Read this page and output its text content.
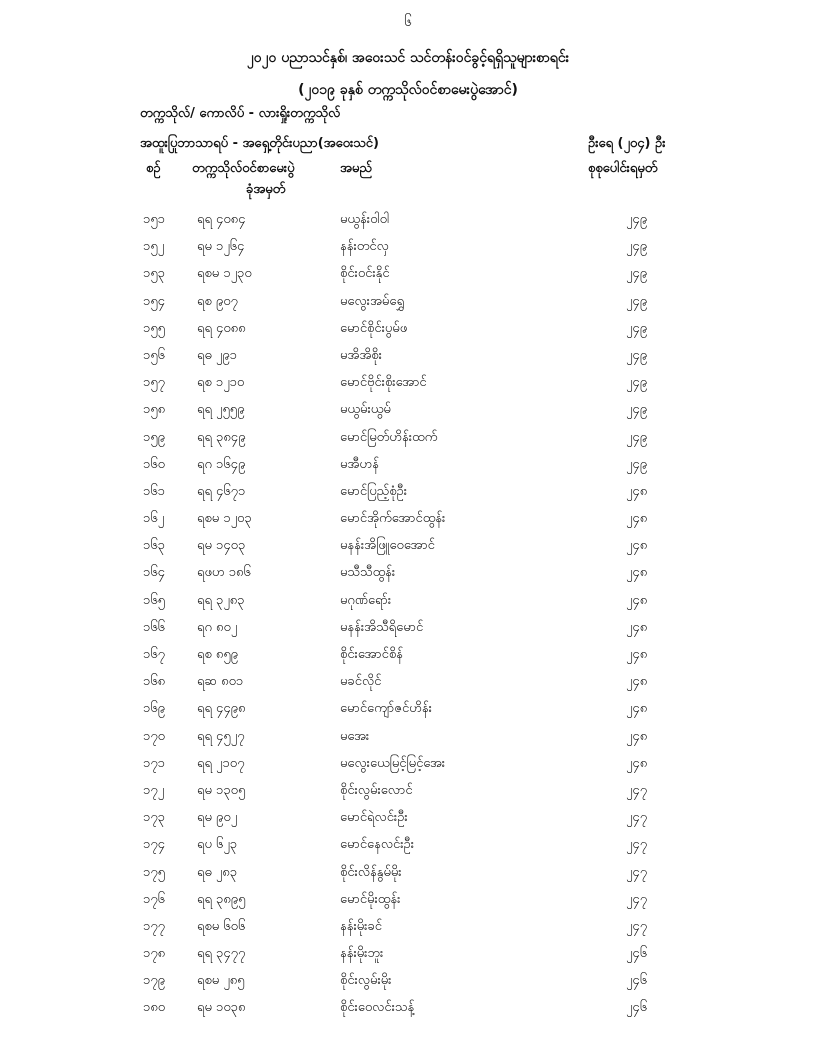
၆
၂၀၂၀ ပညာသင်နှစ်၊ အဝေးသင် သင်တန်းဝင်ခွင့်ရရှိသူများစာရင်း
(၂၀၁၉ ခုနှစ် တက္ကသိုလ်ဝင်စာမေးပွဲအောင်)
တက္ကသိုလ်/ ကောလိပ် - လားရှိုးတက္ကသိုလ်
အထူးပြုဘာသာရပ် - အရှေ့တိုင်းပညာ(အဝေးသင်)	ဦးရေ (၂၀၄) ဦး
စဉ် တက္ကသိုလ်ဝင်စာမေးပွဲ
ခုံအမှတ်
အမည်	စုစုပေါင်းရမှတ်
၁၅၁ ရရ ၄၀၈၄	မယွန်းဝါဝါ	၂၄၉
၁၅၂	ရမ ၁၂၆၄	နန်းတင်လှ	၂၄၉
၁၅၃ ရစမ ၁၂၃၀	စိုင်းဝင်းနိုင်	၂၄၉
၁၅၄ ရစ ၉၀၇	မလွေးအမ်ရွှေ	၂၄၉
၁၅၅ ရရ ၄၀၈၈	မောင်စိုင်းပွမ်ဖ	၂၄၉
၁၅၆ ရဓ ၂၉၁	မအိအိစိုး	၂၄၉
၁၅၇ ရစ ၁၂၁၀	မောင်ဗိုင်းစိုးအောင်	၂၄၉
၁၅၈ ရရ ၂၅၅၉	မယွမ်းယွမ်	၂၄၉
၁၅၉ ရရ ၃၈၄၉	မောင်မြတ်ဟိန်းထက်	၂၄၉
၁၆၀ ရဂ ၁၆၄၉	မအီဟန်	၂၄၉
၁၆၁ ရရ ၄၆၇၁	မောင်ပြည့်စုံဦး	၂၄၈
၁၆၂	ရစမ ၁၂၀၃	မောင်အိုက်အောင်ထွန်း	၂၄၈
၁၆၃ ရမ ၁၄၀၃	မနန်းအိဖြူဝေအောင်	၂၄၈
၁၆၄ ရဖဟ ၁၈၆	မသီသီထွန်း	၂၄၈
၁၆၅ ရရ ၃၂၈၃	မဂုဏ်ရော်း	၂၄၈
၁၆၆ ရဂ ၈၀၂	မနန်းအိသီရိမောင်	၂၄၈
၁၆၇ ရစ ၈၅၉	စိုင်းအောင်စိန်	၂၄၈
၁၆၈ ရဆ ၈၀၁	မခင်လိုင်	၂၄၈
၁၆၉ ရရ ၄၄၉၈	မောင်ကျော်ဇင်ဟိန်း	၂၄၈
၁၇၀ ရရ ၄၅၂၇	မအေး	၂၄၈
၁၇၁ ရရ ၂၁၀၇	မလွေးယေမြင့်မြင့်အေး	၂၄၈
၁၇၂	ရမ ၁၃၀၅	စိုင်းလွမ်းလောင်	၂၄၇
၁၇၃ ရမ ၉၀၂	မောင်ရဲလင်းဦး	၂၄၇
၁၇၄ ရပ ၆၂၃	မောင်နေလင်းဦး	၂၄၇
၁၇၅ ရဓ ၂၈၃	စိုင်းလိန်နွမ်မိုး	၂၄၇
၁၇၆ ရရ ၃၈၉၅	မောင်မိုးထွန်း	၂၄၇
၁၇၇ ရစမ ၆၀၆	နန်းမိုးခင်	၂၄၇
၁၇၈ ရရ ၃၄၇၇	နန်းမိုးဘူး	၂၄၆
၁၇၉ ရစမ ၂၈၅	စိုင်းလွမ်းမိုး	၂၄၆
၁၈၀ ရမ ၁၀၃၈	စိုင်းဝေလင်းသန့်	၂၄၆
